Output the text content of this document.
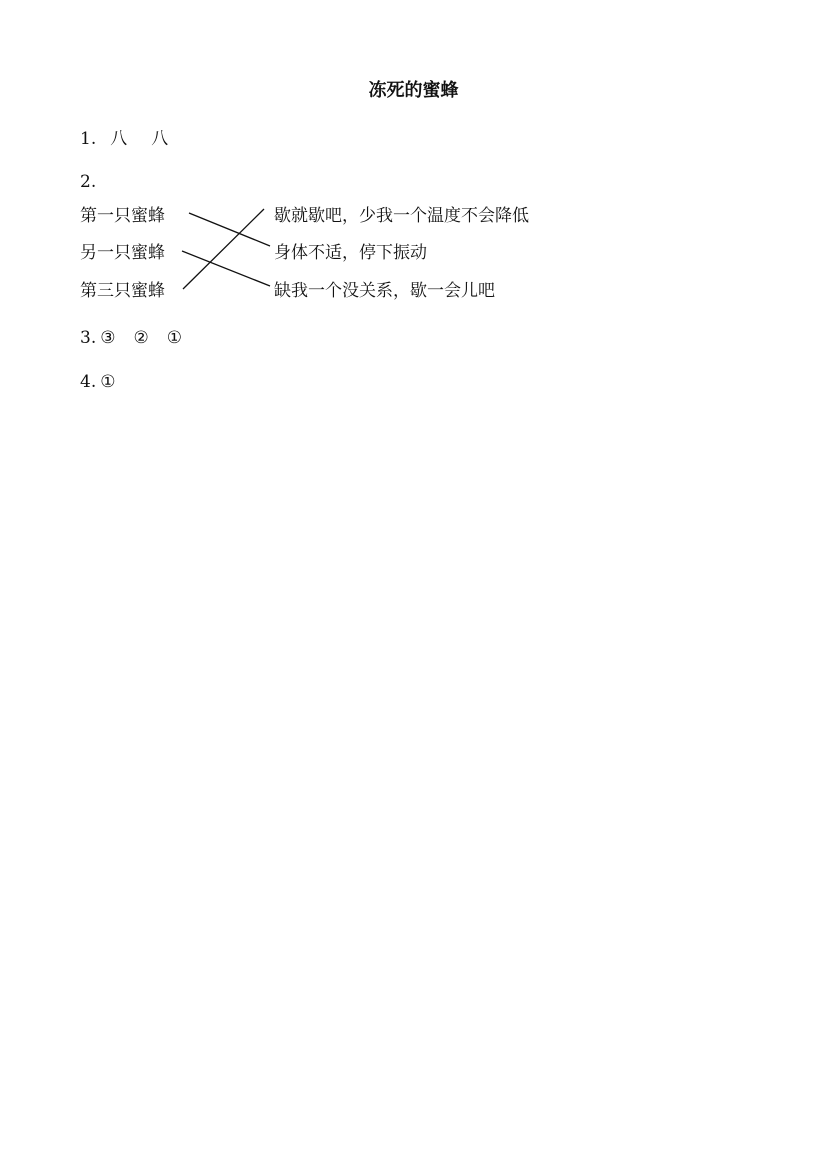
冻死的蜜蜂
1. 八 八
2.
第一只蜜蜂
另一只蜜蜂
第三只蜜蜂
歇就歇吧，少我一个温度不会降低
身体不适，停下振动
缺我一个没关系，歇一会儿吧
3. ③ ② ①
4. ①
